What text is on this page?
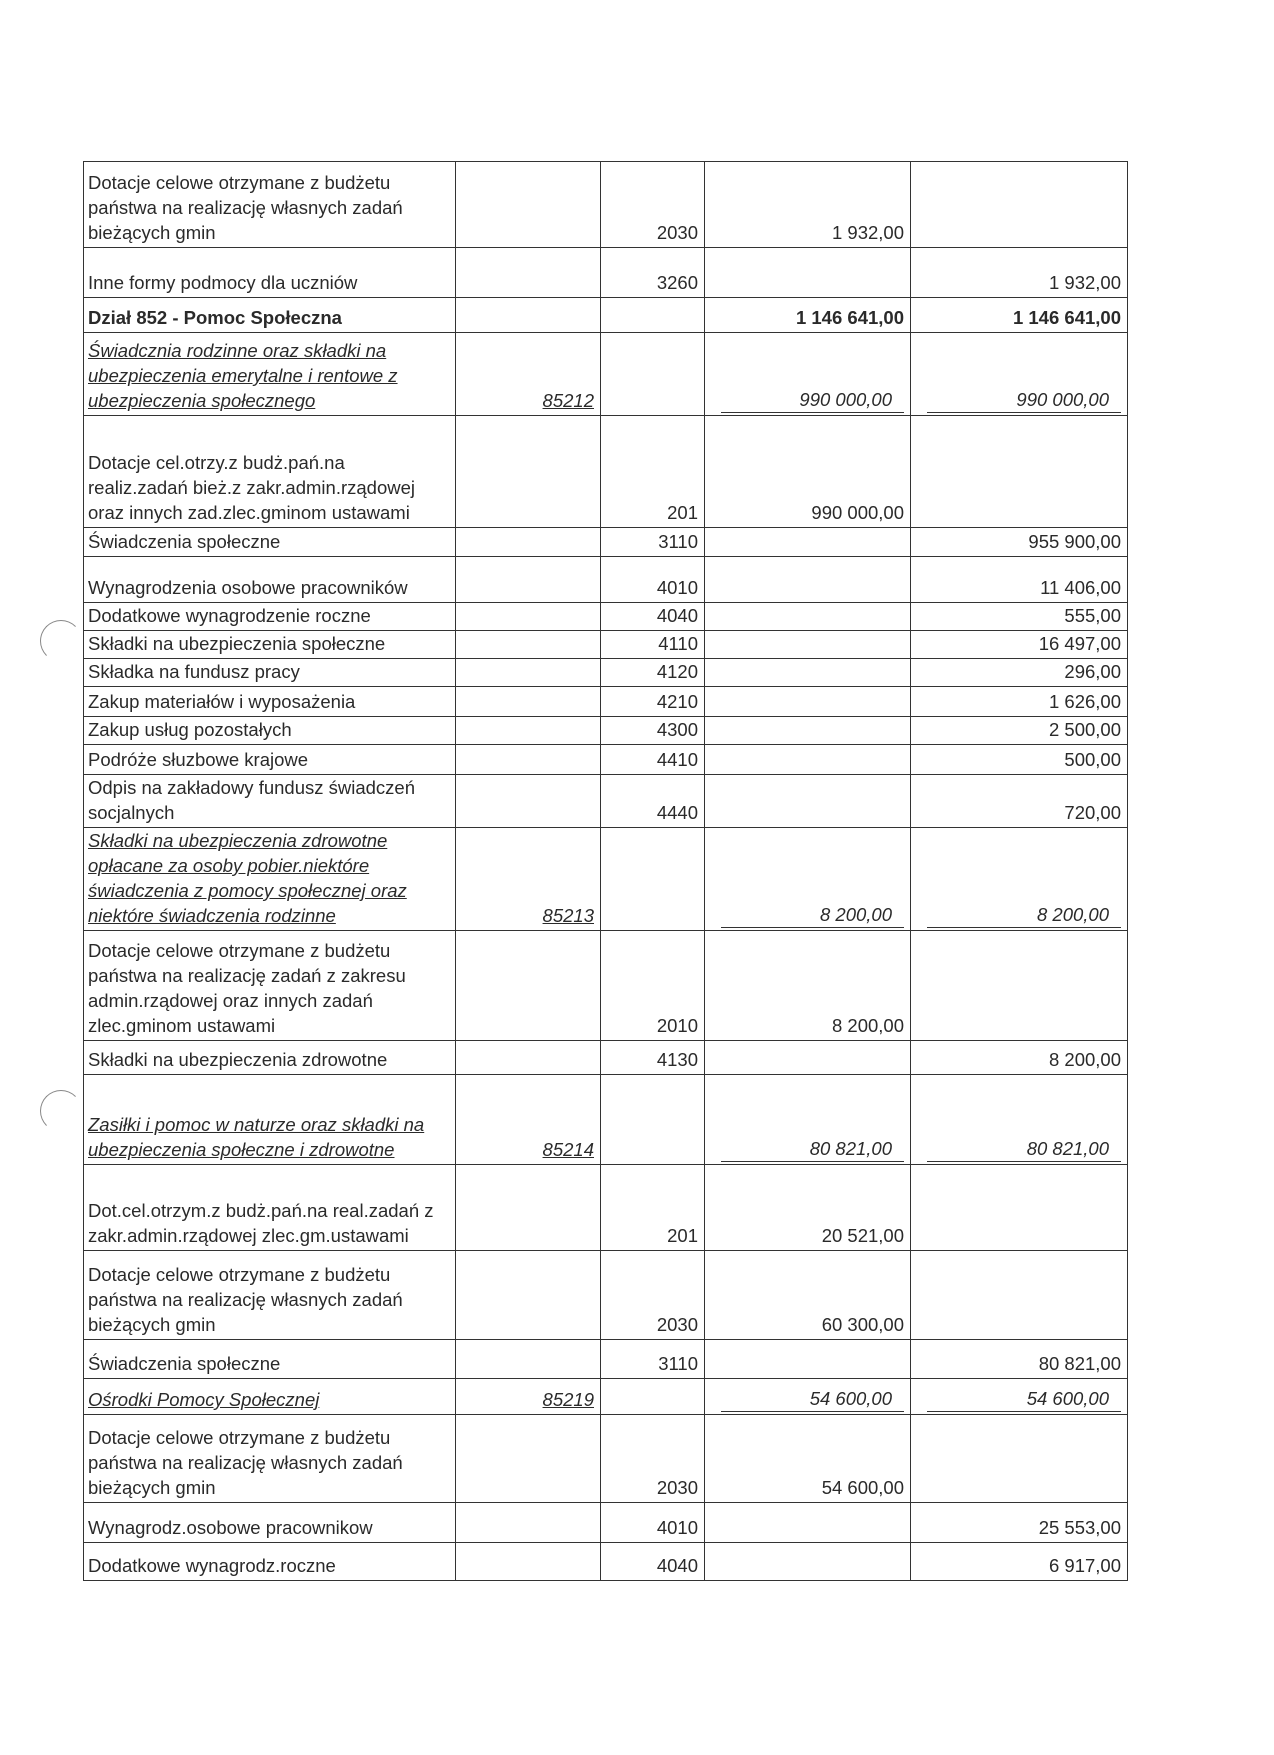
Dotacje celowe otrzymane z budżetu państwa na realizację własnych zadań bieżących gmin		2030	1 932,00	
Inne formy podmocy dla uczniów		3260		1 932,00
Dział 852 - Pomoc Społeczna			1 146 641,00	1 146 641,00
Świadcznia rodzinne oraz składki na ubezpieczenia emerytalne i rentowe z ubezpieczenia społecznego	85212		990 000,00	990 000,00

Dotacje cel.otrzy.z budż.pań.na realiz.zadań bież.z zakr.admin.rządowej oraz innych zad.zlec.gminom ustawami		201	990 000,00	
Świadczenia społeczne		3110		955 900,00
Wynagrodzenia osobowe pracowników		4010		11 406,00
Dodatkowe wynagrodzenie roczne		4040		555,00
Składki na ubezpieczenia społeczne		4110		16 497,00
Składka na fundusz pracy		4120		296,00
Zakup materiałów i wyposażenia		4210		1 626,00
Zakup usług pozostałych		4300		2 500,00
Podróże słuzbowe krajowe		4410		500,00
Odpis na zakładowy fundusz świadczeń socjalnych		4440		720,00
Składki na ubezpieczenia zdrowotne opłacane za osoby pobier.niektóre świadczenia z pomocy społecznej oraz niektóre świadczenia rodzinne	85213		8 200,00	8 200,00

Dotacje celowe otrzymane z budżetu państwa na realizację zadań z zakresu admin.rządowej oraz innych zadań zlec.gminom ustawami		2010	8 200,00	
Składki na ubezpieczenia zdrowotne		4130		8 200,00
Zasiłki i pomoc w naturze oraz składki na ubezpieczenia społeczne i zdrowotne	85214		80 821,00	80 821,00

Dot.cel.otrzym.z budż.pań.na real.zadań z zakr.admin.rządowej zlec.gm.ustawami		201	20 521,00	
Dotacje celowe otrzymane z budżetu państwa na realizację własnych zadań bieżących gmin		2030	60 300,00	
Świadczenia społeczne		3110		80 821,00
Ośrodki Pomocy Społecznej	85219		54 600,00	54 600,00

Dotacje celowe otrzymane z budżetu państwa na realizację własnych zadań bieżących gmin		2030	54 600,00	
Wynagrodz.osobowe pracownikow		4010		25 553,00
Dodatkowe wynagrodz.roczne		4040		6 917,00
